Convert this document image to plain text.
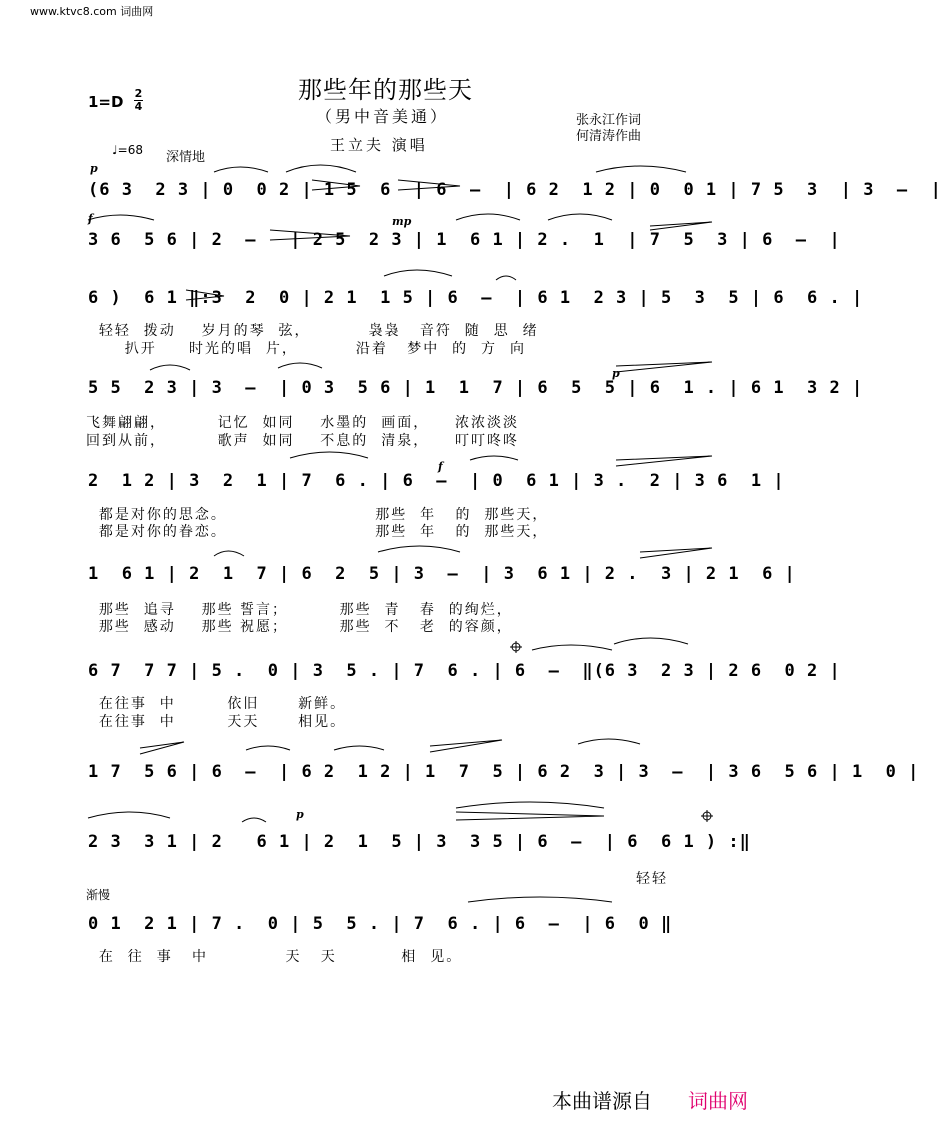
www.ktvc8.com 词曲网
那些年的那些天
（男中音美通）
王立夫 演唱
张永江作词
何清涛作曲
1=D 2
4
♩=68 深情地
p
f	mp
p
f
p
(6 3  2 3 | 0  0 2 | 1 5  6  | 6  –  | 6 2  1 2 | 0  0 1 | 7 5  3  | 3  –  |
3 6  5 6 | 2  –   | 2 5  2 3 | 1  6 1 | 2 .  1  | 7  5  3 | 6  –  |
6 )  6 1 ‖:3  2  0 | 2 1  1 5 | 6  –  | 6 1  2 3 | 5  3  5 | 6  6 . |
轻轻  拨动    岁月的琴  弦，         袅袅   音符  随  思  绪
扒开     时光的唱  片，         沿着   梦中  的  方  向
5 5  2 3 | 3  –  | 0 3  5 6 | 1  1  7 | 6  5  5 | 6  1 . | 6 1  3 2 |
飞舞翩翩，        记忆  如同    水墨的  画面，    浓浓淡淡
回到从前，        歌声  如同    不息的  清泉，    叮叮咚咚
2  1 2 | 3  2  1 | 7  6 . | 6  –  | 0  6 1 | 3 .  2 | 3 6  1 |
都是对你的思念。                       那些  年   的  那些天，
都是对你的眷恋。                       那些  年   的  那些天，
1  6 1 | 2  1  7 | 6  2  5 | 3  –  | 3  6 1 | 2 .  3 | 2 1  6 |
那些  追寻    那些 誓言；        那些  青   春  的绚烂，
那些  感动    那些 祝愿；        那些  不   老  的容颜，
6 7  7 7 | 5 .  0 | 3  5 . | 7  6 . | 6  –  ‖(6 3  2 3 | 2 6  0 2 |
在往事  中        依旧      新鲜。
在往事  中        天天      相见。
1 7  5 6 | 6  –  | 6 2  1 2 | 1  7  5 | 6 2  3 | 3  –  | 3 6  5 6 | 1  0 |
2 3  3 1 | 2   6 1 | 2  1  5 | 3  3 5 | 6  –  | 6  6 1 ) :‖
轻轻
渐慢
0 1  2 1 | 7 .  0 | 5  5 . | 7  6 . | 6  –  | 6  0 ‖
在  往  事   中            天   天          相  见。
本曲谱源自 词曲网
